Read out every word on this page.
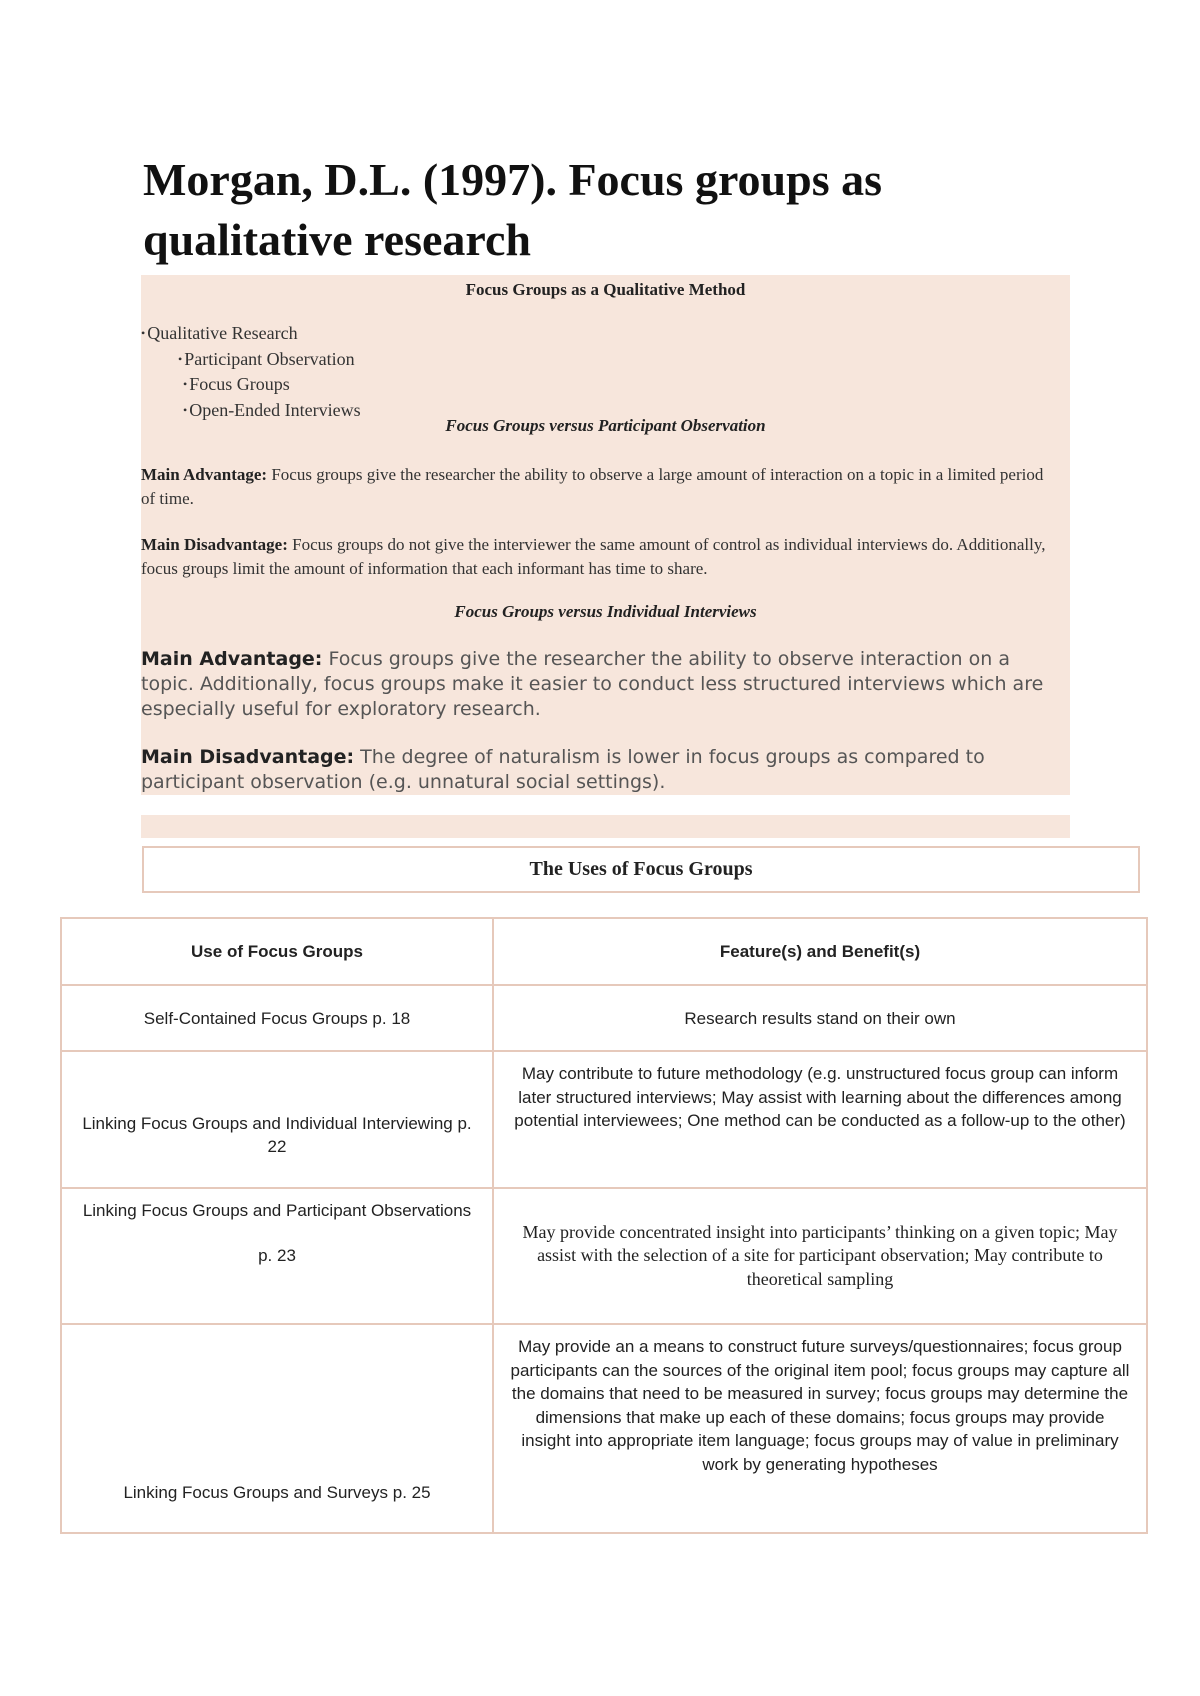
Morgan, D.L. (1997). Focus groups as qualitative research
Focus Groups as a Qualitative Method
• Qualitative Research
• Participant Observation
• Focus Groups
• Open-Ended Interviews
Focus Groups versus Participant Observation

Main Advantage: Focus groups give the researcher the ability to observe a large amount of interaction on a topic in a limited period of time.

Main Disadvantage: Focus groups do not give the interviewer the same amount of control as individual interviews do. Additionally, focus groups limit the amount of information that each informant has time to share.

Focus Groups versus Individual Interviews

Main Advantage: Focus groups give the researcher the ability to observe interaction on a topic. Additionally, focus groups make it easier to conduct less structured interviews which are especially useful for exploratory research.

Main Disadvantage: The degree of naturalism is lower in focus groups as compared to participant observation (e.g. unnatural social settings).

The Uses of Focus Groups
Use of Focus Groups	Feature(s) and Benefit(s)
Self-Contained Focus Groups p. 18	Research results stand on their own
Linking Focus Groups and Individual Interviewing p. 22	May contribute to future methodology (e.g. unstructured focus group can inform later structured interviews; May assist with learning about the differences among potential interviewees; One method can be conducted as a follow-up to the other)

Linking Focus Groups and Participant Observations
p. 23	May provide concentrated insight into participants’ thinking on a given topic; May assist with the selection of a site for participant observation; May contribute to theoretical sampling
Linking Focus Groups and Surveys p. 25	May provide an a means to construct future surveys/questionnaires; focus group participants can the sources of the original item pool; focus groups may capture all the domains that need to be measured in survey; focus groups may determine the dimensions that make up each of these domains; focus groups may provide insight into appropriate item language; focus groups may of value in preliminary work by generating hypotheses
